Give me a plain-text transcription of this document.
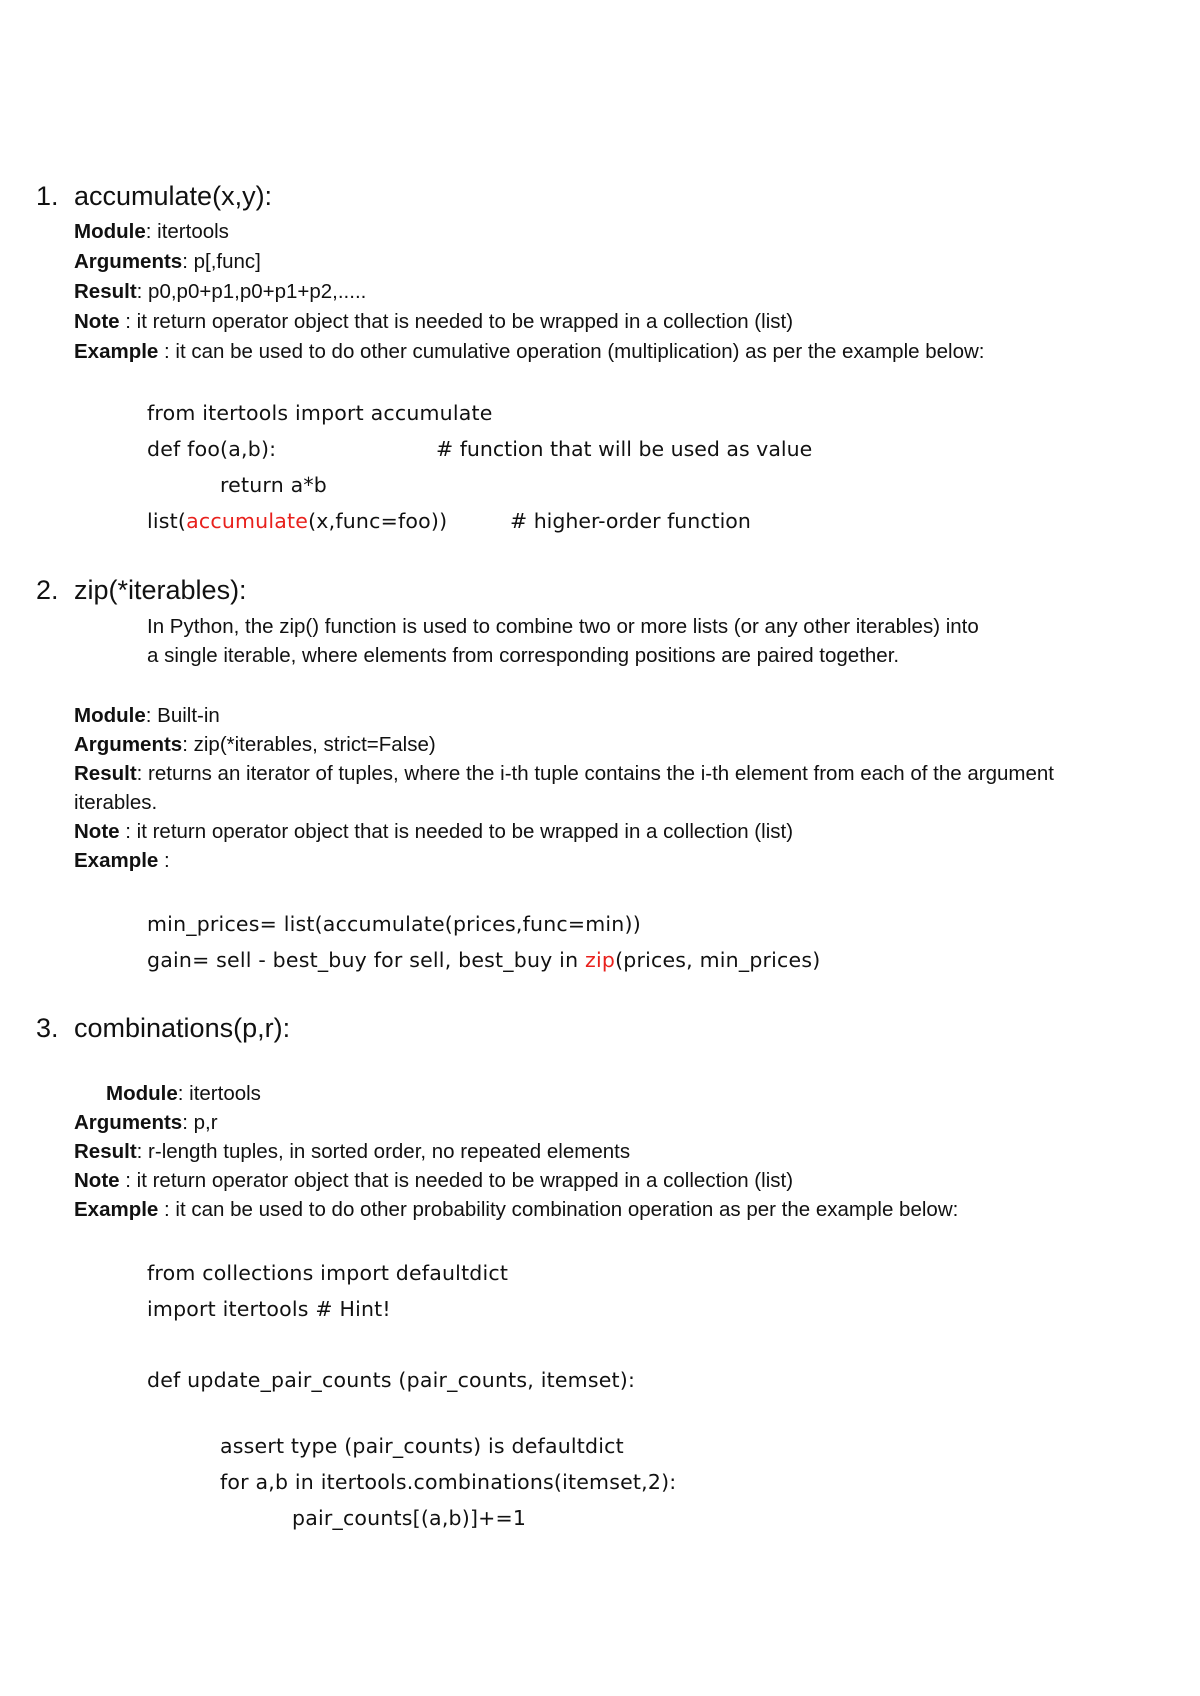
1. accumulate(x,y):
Module: itertools
Arguments: p[,func]
Result: p0,p0+p1,p0+p1+p2,.....
Note : it return operator object that is needed to be wrapped in a collection (list)
Example : it can be used to do other cumulative operation (multiplication) as per the example below:
from itertools import accumulate
def foo(a,b):	# function that will be used as value
return a*b
list(accumulate(x,func=foo))	# higher-order function
2. zip(*iterables):
In Python, the zip() function is used to combine two or more lists (or any other iterables) into
a single iterable, where elements from corresponding positions are paired together.
Module: Built-in
Arguments: zip(*iterables, strict=False)
Result: returns an iterator of tuples, where the i-th tuple contains the i-th element from each of the argument
iterables.
Note : it return operator object that is needed to be wrapped in a collection (list)
Example :
min_prices= list(accumulate(prices,func=min))
gain= sell - best_buy for sell, best_buy in zip(prices, min_prices)
3. combinations(p,r):
Module: itertools
Arguments: p,r
Result: r-length tuples, in sorted order, no repeated elements
Note : it return operator object that is needed to be wrapped in a collection (list)
Example : it can be used to do other probability combination operation as per the example below:
from collections import defaultdict
import itertools # Hint!
def update_pair_counts (pair_counts, itemset):
assert type (pair_counts) is defaultdict
for a,b in itertools.combinations(itemset,2):
pair_counts[(a,b)]+=1
